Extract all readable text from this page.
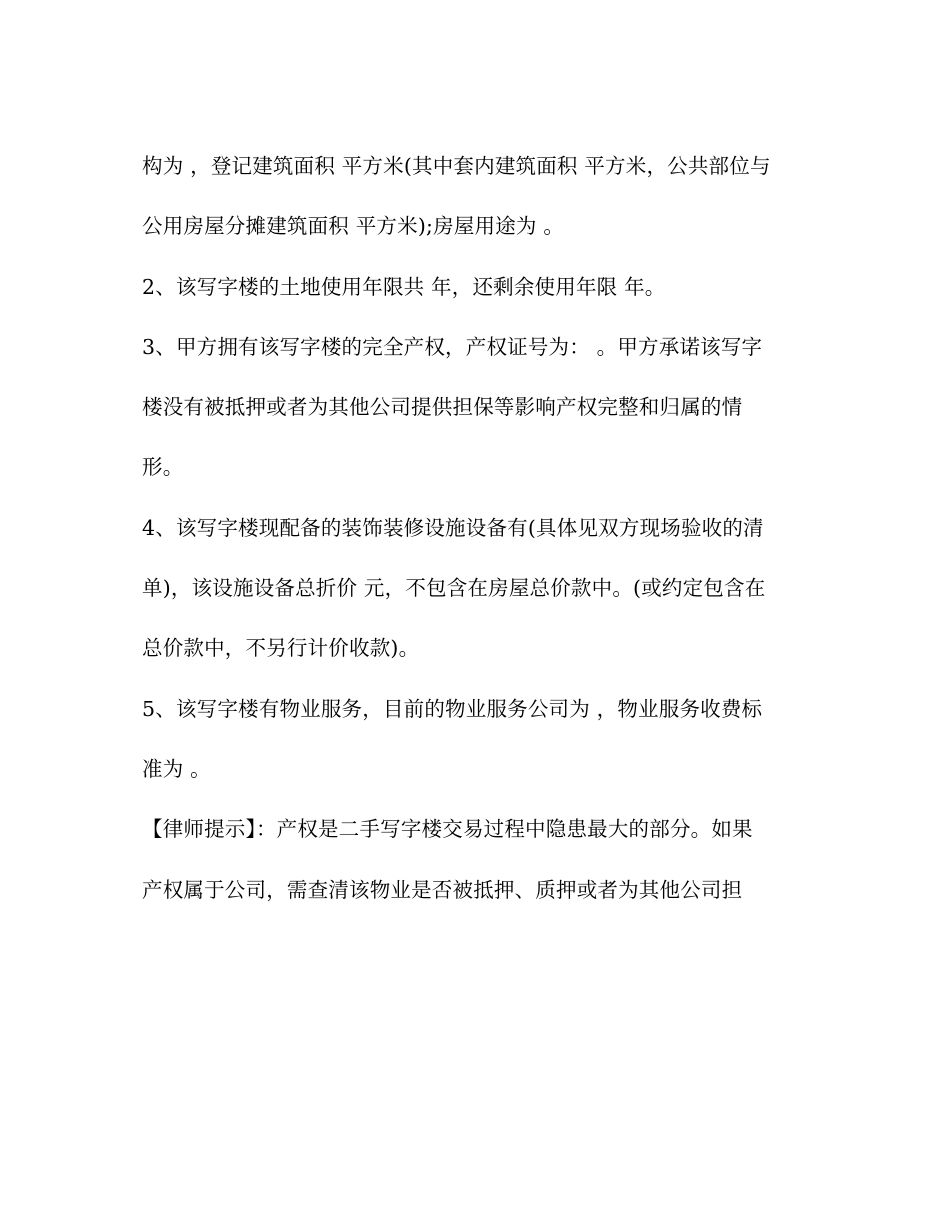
构为 ，登记建筑面积 平方米(其中套内建筑面积 平方米，公共部位与
公用房屋分摊建筑面积 平方米);房屋用途为 。
2、该写字楼的土地使用年限共 年，还剩余使用年限 年。
3、甲方拥有该写字楼的完全产权，产权证号为： 。甲方承诺该写字
楼没有被抵押或者为其他公司提供担保等影响产权完整和归属的情
形。
4、该写字楼现配备的装饰装修设施设备有(具体见双方现场验收的清
单)，该设施设备总折价 元，不包含在房屋总价款中。(或约定包含在
总价款中，不另行计价收款)。
5、该写字楼有物业服务，目前的物业服务公司为 ，物业服务收费标
准为 。
【律师提示】：产权是二手写字楼交易过程中隐患最大的部分。如果
产权属于公司，需查清该物业是否被抵押、质押或者为其他公司担
